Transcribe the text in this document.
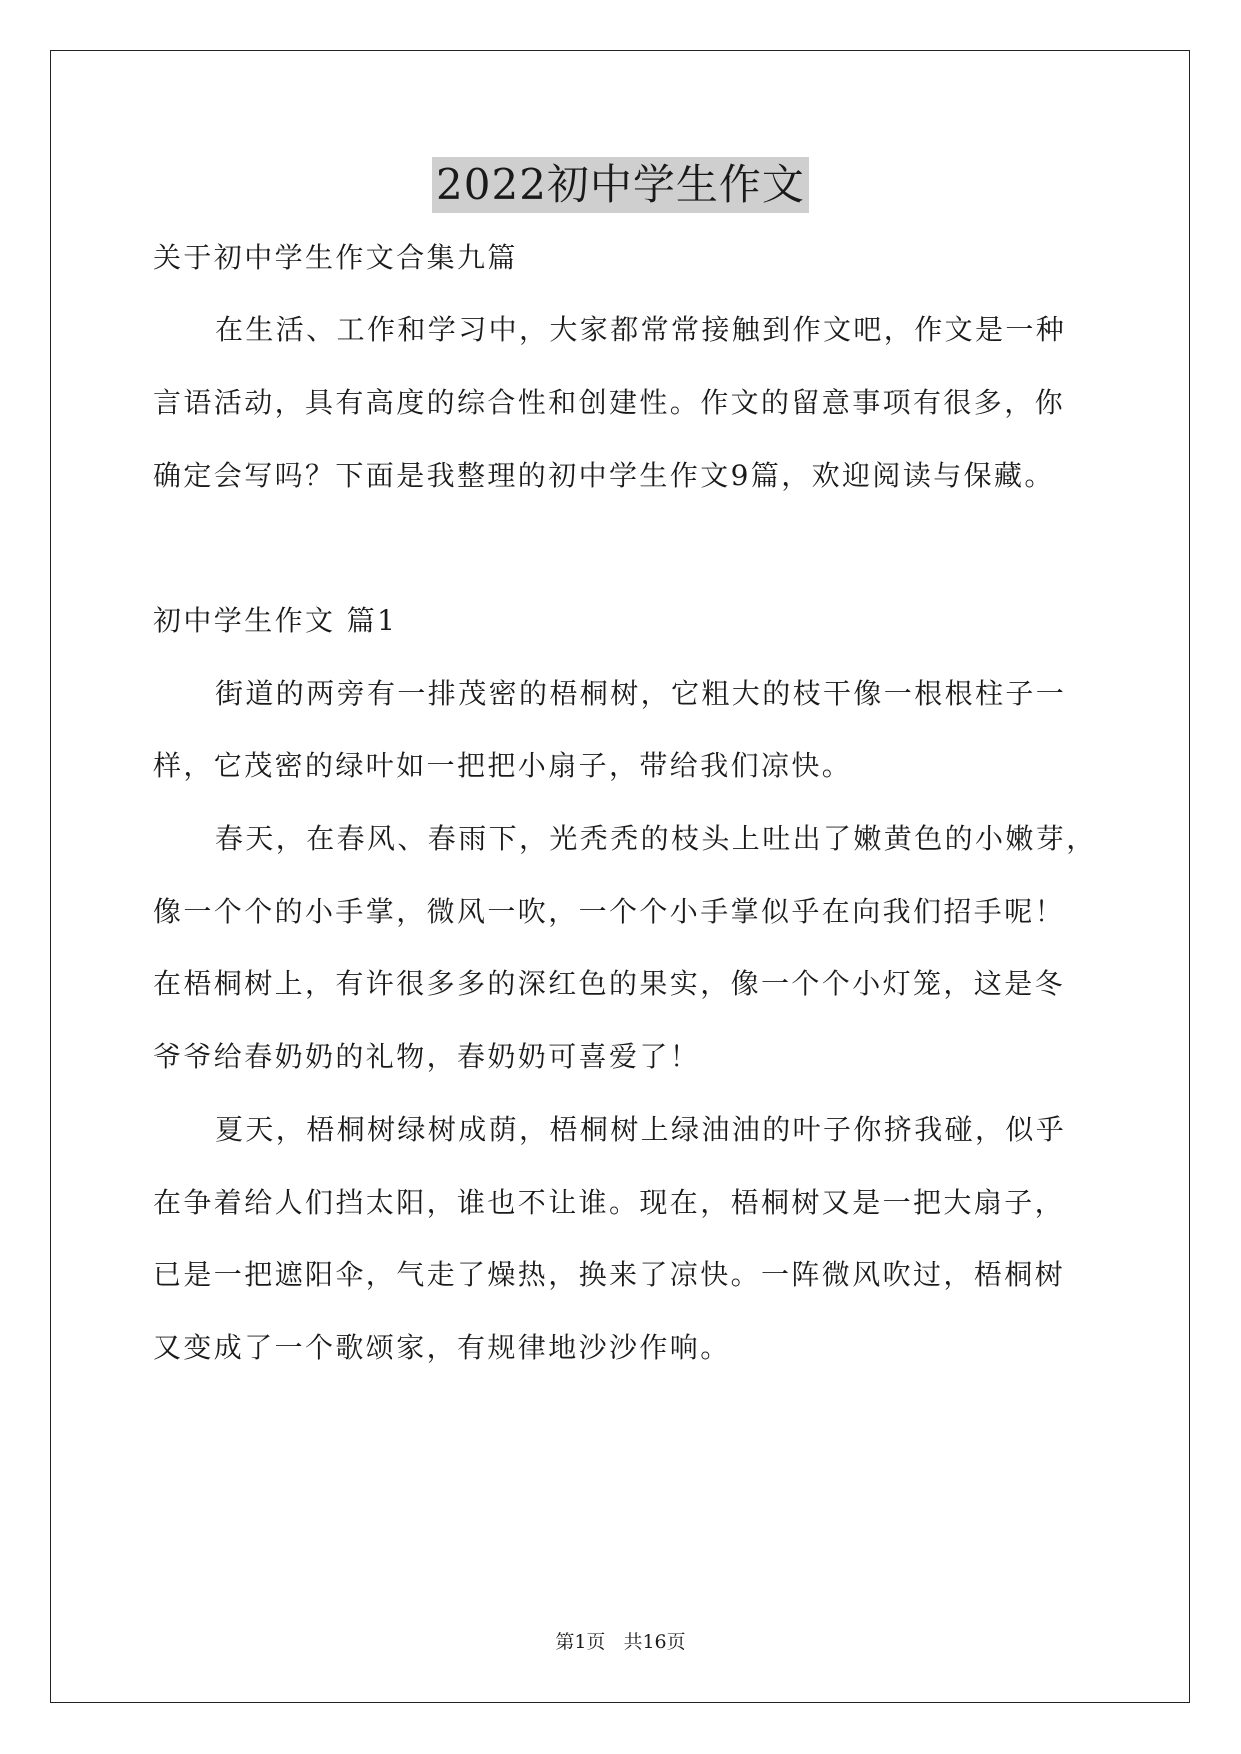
2022初中学生作文
关于初中学生作文合集九篇
在生活、工作和学习中，大家都常常接触到作文吧，作文是一种
言语活动，具有高度的综合性和创建性。作文的留意事项有很多，你
确定会写吗？下面是我整理的初中学生作文9篇，欢迎阅读与保藏。
初中学生作文 篇1
街道的两旁有一排茂密的梧桐树，它粗大的枝干像一根根柱子一
样，它茂密的绿叶如一把把小扇子，带给我们凉快。
春天，在春风、春雨下，光秃秃的枝头上吐出了嫩黄色的小嫩芽，
像一个个的小手掌，微风一吹，一个个小手掌似乎在向我们招手呢！
在梧桐树上，有许很多多的深红色的果实，像一个个小灯笼，这是冬
爷爷给春奶奶的礼物，春奶奶可喜爱了！
夏天，梧桐树绿树成荫，梧桐树上绿油油的叶子你挤我碰，似乎
在争着给人们挡太阳，谁也不让谁。现在，梧桐树又是一把大扇子，
已是一把遮阳伞，气走了燥热，换来了凉快。一阵微风吹过，梧桐树
又变成了一个歌颂家，有规律地沙沙作响。
第1页 共16页
